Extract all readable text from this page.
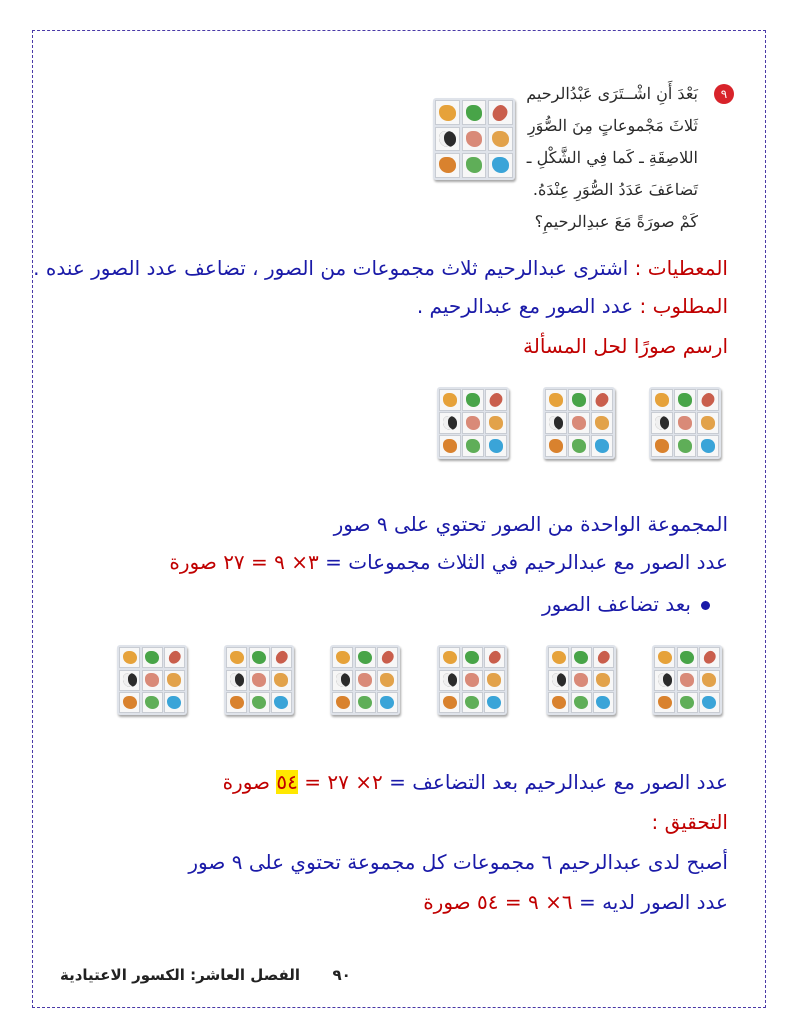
٩
بَعْدَ أَنِ اشْــتَرَى عَبْدُالرحيم
ثَلاثَ مَجْموعاتٍ مِنَ الصُّوَرِ
اللاصِقَةِ ـ كَما فِي الشَّكْلِ ـ
تَضاعَفَ عَدَدُ الصُّوَرِ عِنْدَهُ.
كَمْ صورَةً مَعَ عبدِالرحيمِ؟
المعطيات : اشترى عبدالرحيم ثلاث مجموعات من الصور ، تضاعف عدد الصور عنده .
المطلوب : عدد الصور مع عبدالرحيم .
ارسم صورًا لحل المسألة
المجموعة الواحدة من الصور تحتوي على ٩ صور
عدد الصور مع عبدالرحيم في الثلاث مجموعات = ٣× ٩ = ٢٧ صورة
بعد تضاعف الصور
عدد الصور مع عبدالرحيم بعد التضاعف = ٢× ٢٧ = ٥٤ صورة
التحقيق :
أصبح لدى عبدالرحيم ٦ مجموعات كل مجموعة تحتوي على ٩ صور
عدد الصور لديه = ٦× ٩ = ٥٤ صورة
٩٠  الفصل العاشر: الكسور الاعتيادية
